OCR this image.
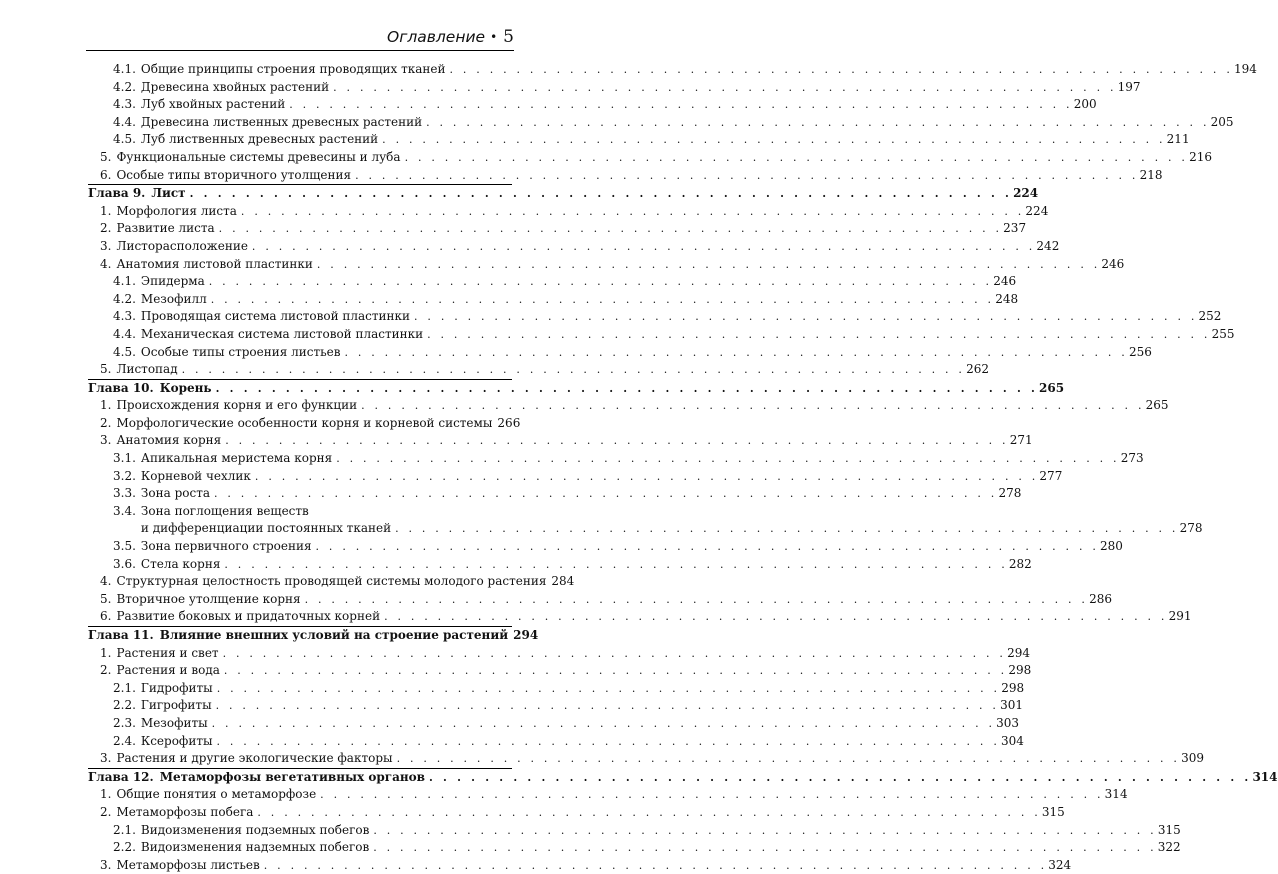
Оглавление • 5
4.1. Общие принципы строения проводящих тканей . . . . . . . . . . . . . . . . . . . . . . . . . . . . . . . . . . . . . . . . . . . . . . . . . . . . . . . . . . . 194
4.2. Древесина хвойных растений . . . . . . . . . . . . . . . . . . . . . . . . . . . . . . . . . . . . . . . . . . . . . . . . . . . . . . . . . . . 197
4.3. Луб хвойных растений . . . . . . . . . . . . . . . . . . . . . . . . . . . . . . . . . . . . . . . . . . . . . . . . . . . . . . . . . . . 200
4.4. Древесина лиственных древесных растений . . . . . . . . . . . . . . . . . . . . . . . . . . . . . . . . . . . . . . . . . . . . . . . . . . . . . . . . . . . 205
4.5. Луб лиственных древесных растений . . . . . . . . . . . . . . . . . . . . . . . . . . . . . . . . . . . . . . . . . . . . . . . . . . . . . . . . . . . 211
5. Функциональные системы древесины и луба . . . . . . . . . . . . . . . . . . . . . . . . . . . . . . . . . . . . . . . . . . . . . . . . . . . . . . . . . . . 216
6. Особые типы вторичного утолщения . . . . . . . . . . . . . . . . . . . . . . . . . . . . . . . . . . . . . . . . . . . . . . . . . . . . . . . . . . . 218
Глава 9. Лист . . . . . . . . . . . . . . . . . . . . . . . . . . . . . . . . . . . . . . . . . . . . . . . . . . . . . . . . . . . 224
1. Морфология листа . . . . . . . . . . . . . . . . . . . . . . . . . . . . . . . . . . . . . . . . . . . . . . . . . . . . . . . . . . . 224
2. Развитие листа . . . . . . . . . . . . . . . . . . . . . . . . . . . . . . . . . . . . . . . . . . . . . . . . . . . . . . . . . . . 237
3. Листорасположение . . . . . . . . . . . . . . . . . . . . . . . . . . . . . . . . . . . . . . . . . . . . . . . . . . . . . . . . . . . 242
4. Анатомия листовой пластинки . . . . . . . . . . . . . . . . . . . . . . . . . . . . . . . . . . . . . . . . . . . . . . . . . . . . . . . . . . . 246
4.1. Эпидерма . . . . . . . . . . . . . . . . . . . . . . . . . . . . . . . . . . . . . . . . . . . . . . . . . . . . . . . . . . . 246
4.2. Мезофилл . . . . . . . . . . . . . . . . . . . . . . . . . . . . . . . . . . . . . . . . . . . . . . . . . . . . . . . . . . . 248
4.3. Проводящая система листовой пластинки . . . . . . . . . . . . . . . . . . . . . . . . . . . . . . . . . . . . . . . . . . . . . . . . . . . . . . . . . . . 252
4.4. Механическая система листовой пластинки . . . . . . . . . . . . . . . . . . . . . . . . . . . . . . . . . . . . . . . . . . . . . . . . . . . . . . . . . . . 255
4.5. Особые типы строения листьев . . . . . . . . . . . . . . . . . . . . . . . . . . . . . . . . . . . . . . . . . . . . . . . . . . . . . . . . . . . 256
5. Листопад . . . . . . . . . . . . . . . . . . . . . . . . . . . . . . . . . . . . . . . . . . . . . . . . . . . . . . . . . . . 262
Глава 10. Корень . . . . . . . . . . . . . . . . . . . . . . . . . . . . . . . . . . . . . . . . . . . . . . . . . . . . . . . . . . . 265
1. Происхождения корня и его функции . . . . . . . . . . . . . . . . . . . . . . . . . . . . . . . . . . . . . . . . . . . . . . . . . . . . . . . . . . . 265
2. Морфологические особенности корня и корневой системы 266
3. Анатомия корня . . . . . . . . . . . . . . . . . . . . . . . . . . . . . . . . . . . . . . . . . . . . . . . . . . . . . . . . . . . 271
3.1. Апикальная меристема корня . . . . . . . . . . . . . . . . . . . . . . . . . . . . . . . . . . . . . . . . . . . . . . . . . . . . . . . . . . . 273
3.2. Корневой чехлик . . . . . . . . . . . . . . . . . . . . . . . . . . . . . . . . . . . . . . . . . . . . . . . . . . . . . . . . . . . 277
3.3. Зона роста . . . . . . . . . . . . . . . . . . . . . . . . . . . . . . . . . . . . . . . . . . . . . . . . . . . . . . . . . . . 278
3.4. Зона поглощения веществ
и дифференциации постоянных тканей . . . . . . . . . . . . . . . . . . . . . . . . . . . . . . . . . . . . . . . . . . . . . . . . . . . . . . . . . . . 278
3.5. Зона первичного строения . . . . . . . . . . . . . . . . . . . . . . . . . . . . . . . . . . . . . . . . . . . . . . . . . . . . . . . . . . . 280
3.6. Стела корня . . . . . . . . . . . . . . . . . . . . . . . . . . . . . . . . . . . . . . . . . . . . . . . . . . . . . . . . . . . 282
4. Структурная целостность проводящей системы молодого растения 284
5. Вторичное утолщение корня . . . . . . . . . . . . . . . . . . . . . . . . . . . . . . . . . . . . . . . . . . . . . . . . . . . . . . . . . . . 286
6. Развитие боковых и придаточных корней . . . . . . . . . . . . . . . . . . . . . . . . . . . . . . . . . . . . . . . . . . . . . . . . . . . . . . . . . . . 291
Глава 11. Влияние внешних условий на строение растений 294
1. Растения и свет . . . . . . . . . . . . . . . . . . . . . . . . . . . . . . . . . . . . . . . . . . . . . . . . . . . . . . . . . . . 294
2. Растения и вода . . . . . . . . . . . . . . . . . . . . . . . . . . . . . . . . . . . . . . . . . . . . . . . . . . . . . . . . . . . 298
2.1. Гидрофиты . . . . . . . . . . . . . . . . . . . . . . . . . . . . . . . . . . . . . . . . . . . . . . . . . . . . . . . . . . . 298
2.2. Гигрофиты . . . . . . . . . . . . . . . . . . . . . . . . . . . . . . . . . . . . . . . . . . . . . . . . . . . . . . . . . . . 301
2.3. Мезофиты . . . . . . . . . . . . . . . . . . . . . . . . . . . . . . . . . . . . . . . . . . . . . . . . . . . . . . . . . . . 303
2.4. Ксерофиты . . . . . . . . . . . . . . . . . . . . . . . . . . . . . . . . . . . . . . . . . . . . . . . . . . . . . . . . . . . 304
3. Растения и другие экологические факторы . . . . . . . . . . . . . . . . . . . . . . . . . . . . . . . . . . . . . . . . . . . . . . . . . . . . . . . . . . . 309
Глава 12. Метаморфозы вегетативных органов . . . . . . . . . . . . . . . . . . . . . . . . . . . . . . . . . . . . . . . . . . . . . . . . . . . . . . . . . . . 314
1. Общие понятия о метаморфозе . . . . . . . . . . . . . . . . . . . . . . . . . . . . . . . . . . . . . . . . . . . . . . . . . . . . . . . . . . . 314
2. Метаморфозы побега . . . . . . . . . . . . . . . . . . . . . . . . . . . . . . . . . . . . . . . . . . . . . . . . . . . . . . . . . . . 315
2.1. Видоизменения подземных побегов . . . . . . . . . . . . . . . . . . . . . . . . . . . . . . . . . . . . . . . . . . . . . . . . . . . . . . . . . . . 315
2.2. Видоизменения надземных побегов . . . . . . . . . . . . . . . . . . . . . . . . . . . . . . . . . . . . . . . . . . . . . . . . . . . . . . . . . . . 322
3. Метаморфозы листьев . . . . . . . . . . . . . . . . . . . . . . . . . . . . . . . . . . . . . . . . . . . . . . . . . . . . . . . . . . . 324
